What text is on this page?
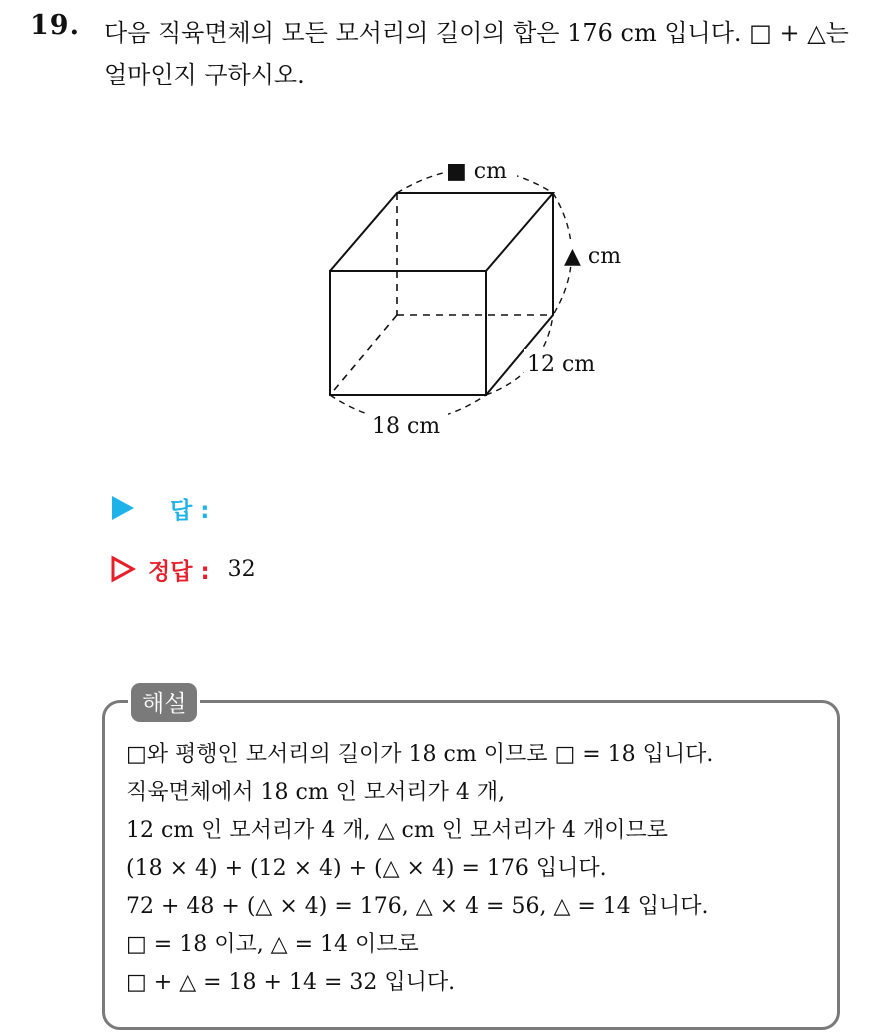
19. 다음 직육면체의 모든 모서리의 길이의 합은 176 cm 입니다. □ + △는
얼마인지 구하시오.
■ cm
▲ cm
12 cm
18 cm
답 :
정답 : 32
해설
□와 평행인 모서리의 길이가 18 cm 이므로 □ = 18 입니다.
직육면체에서 18 cm 인 모서리가 4 개,
12 cm 인 모서리가 4 개, △ cm 인 모서리가 4 개이므로
(18 × 4) + (12 × 4) + (△ × 4) = 176 입니다.
72 + 48 + (△ × 4) = 176, △ × 4 = 56, △ = 14 입니다.
□ = 18 이고, △ = 14 이므로
□ + △ = 18 + 14 = 32 입니다.
